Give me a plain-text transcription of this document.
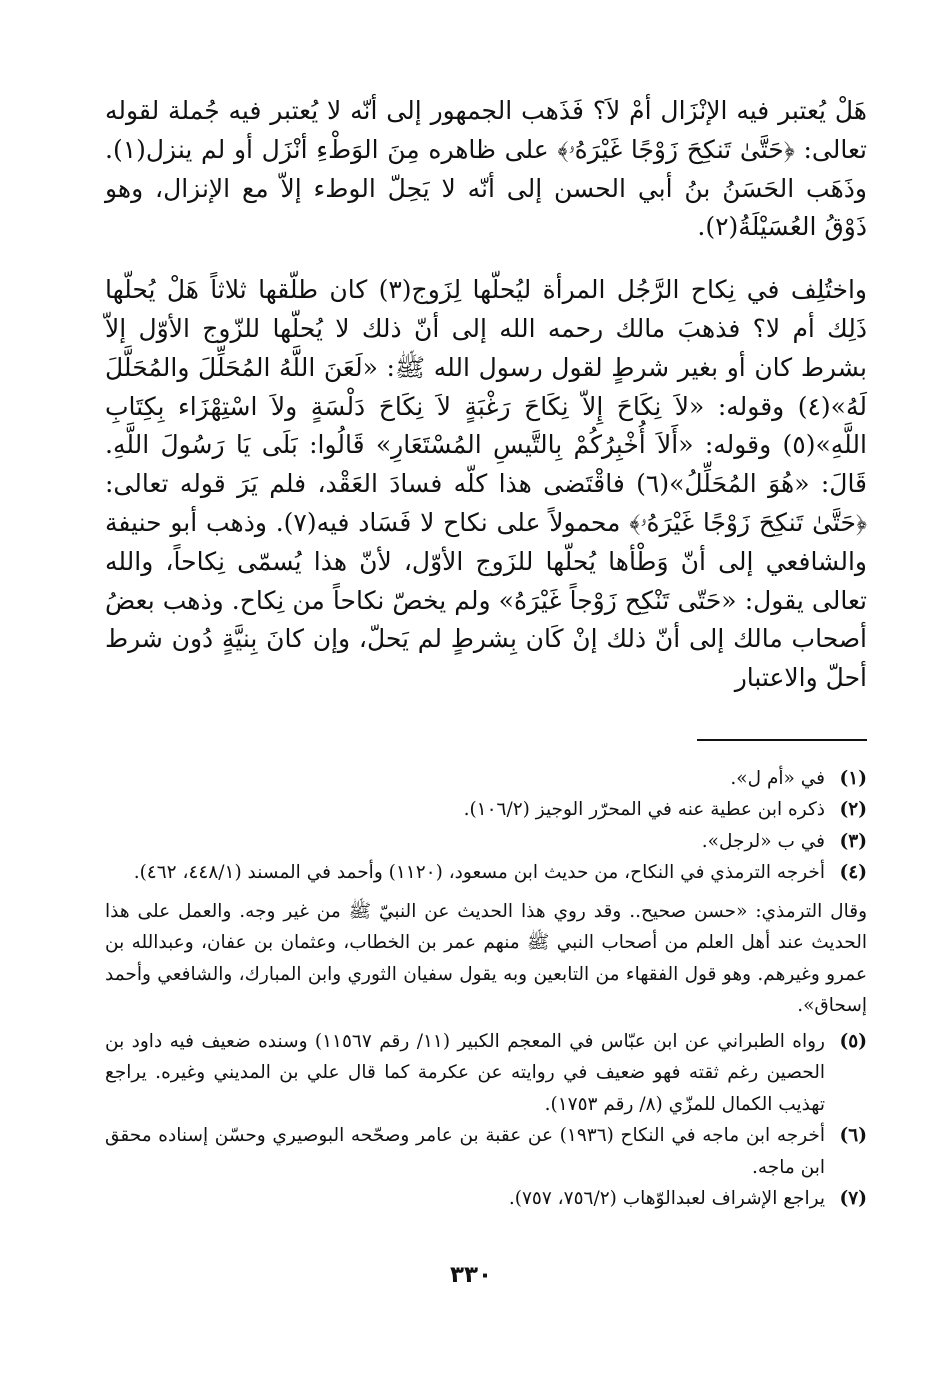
هَلْ يُعتبر فيه الإنْزَال أمْ لاَ؟ فَذَهب الجمهور إلى أنّه لا يُعتبر فيه جُملة لقوله تعالى: ﴿حَتَّىٰ تَنكِحَ زَوْجًا غَيْرَهُۥ﴾ على ظاهره مِنَ الوَطْءِ أنْزَل أو لم ينزل(١). وذَهَب الحَسَنُ بنُ أبي الحسن إلى أنّه لا يَحِلّ الوطء إلاّ مع الإنزال، وهو ذَوْقُ العُسَيْلَةُ(٢).

واختُلِف في نِكاح الرَّجُل المرأة ليُحلّها لِزَوج(٣) كان طلّقها ثلاثاً هَلْ يُحلّها ذَلِك أم لا؟ فذهبَ مالك رحمه الله إلى أنّ ذلك لا يُحلّها للزّوج الأوّل إلاّ بشرط كان أو بغير شرطٍ لقول رسول الله ﷺ: «لَعَنَ اللَّهُ المُحَلِّلَ والمُحَلَّلَ لَهُ»(٤) وقوله: «لاَ نِكَاحَ إِلاّ نِكَاحَ رَغْبَةٍ لاَ نِكَاحَ دَلْسَةٍ ولاَ اسْتِهْزَاء بِكِتَابِ اللَّهِ»(٥) وقوله: «أَلاَ أُخْبِرُكُمْ بِالتَّيسِ المُسْتَعَارِ» قَالُوا: بَلَى يَا رَسُولَ اللَّهِ. قَالَ: «هُوَ المُحَلِّلُ»(٦) فاقْتَضى هذا كلّه فسادَ العَقْد، فلم يَرَ قوله تعالى: ﴿حَتَّىٰ تَنكِحَ زَوْجًا غَيْرَهُۥ﴾ محمولاً على نكاح لا فَسَاد فيه(٧). وذهب أبو حنيفة والشافعي إلى أنّ وَطْأها يُحلّها للزَوج الأوّل، لأنّ هذا يُسمّى نِكاحاً، والله تعالى يقول: «حَتّى تَنْكِح زَوْجاً غَيْرَهُ» ولم يخصّ نكاحاً من نِكاح. وذهب بعضُ أصحاب مالك إلى أنّ ذلك إنْ كَان بِشرطٍ لم يَحلّ، وإن كانَ بِنيَّةٍ دُون شرط أحلّ والاعتبار

(١)
في «أم ل».
(٢)
ذكره ابن عطية عنه في المحرّر الوجيز (١٠٦/٢).
(٣)
في ب «لرجل».
(٤)
أخرجه الترمذي في النكاح، من حديث ابن مسعود، (١١٢٠) وأحمد في المسند (٤٤٨/١، ٤٦٢).
وقال الترمذي: «حسن صحيح.. وقد روي هذا الحديث عن النبيّ ﷺ من غير وجه. والعمل على هذا الحديث عند أهل العلم من أصحاب النبي ﷺ منهم عمر بن الخطاب، وعثمان بن عفان، وعبدالله بن عمرو وغيرهم. وهو قول الفقهاء من التابعين وبه يقول سفيان الثوري وابن المبارك، والشافعي وأحمد إسحاق».
(٥)
رواه الطبراني عن ابن عبّاس في المعجم الكبير (١١/ رقم ١١٥٦٧) وسنده ضعيف فيه داود بن الحصين رغم ثقته فهو ضعيف في روايته عن عكرمة كما قال علي بن المديني وغيره. يراجع تهذيب الكمال للمزّي (٨/ رقم ١٧٥٣).
(٦)
أخرجه ابن ماجه في النكاح (١٩٣٦) عن عقبة بن عامر وصحّحه البوصيري وحسّن إسناده محقق ابن ماجه.
(٧)
يراجع الإشراف لعبدالوّهاب (٧٥٦/٢، ٧٥٧).
٣٣٠
